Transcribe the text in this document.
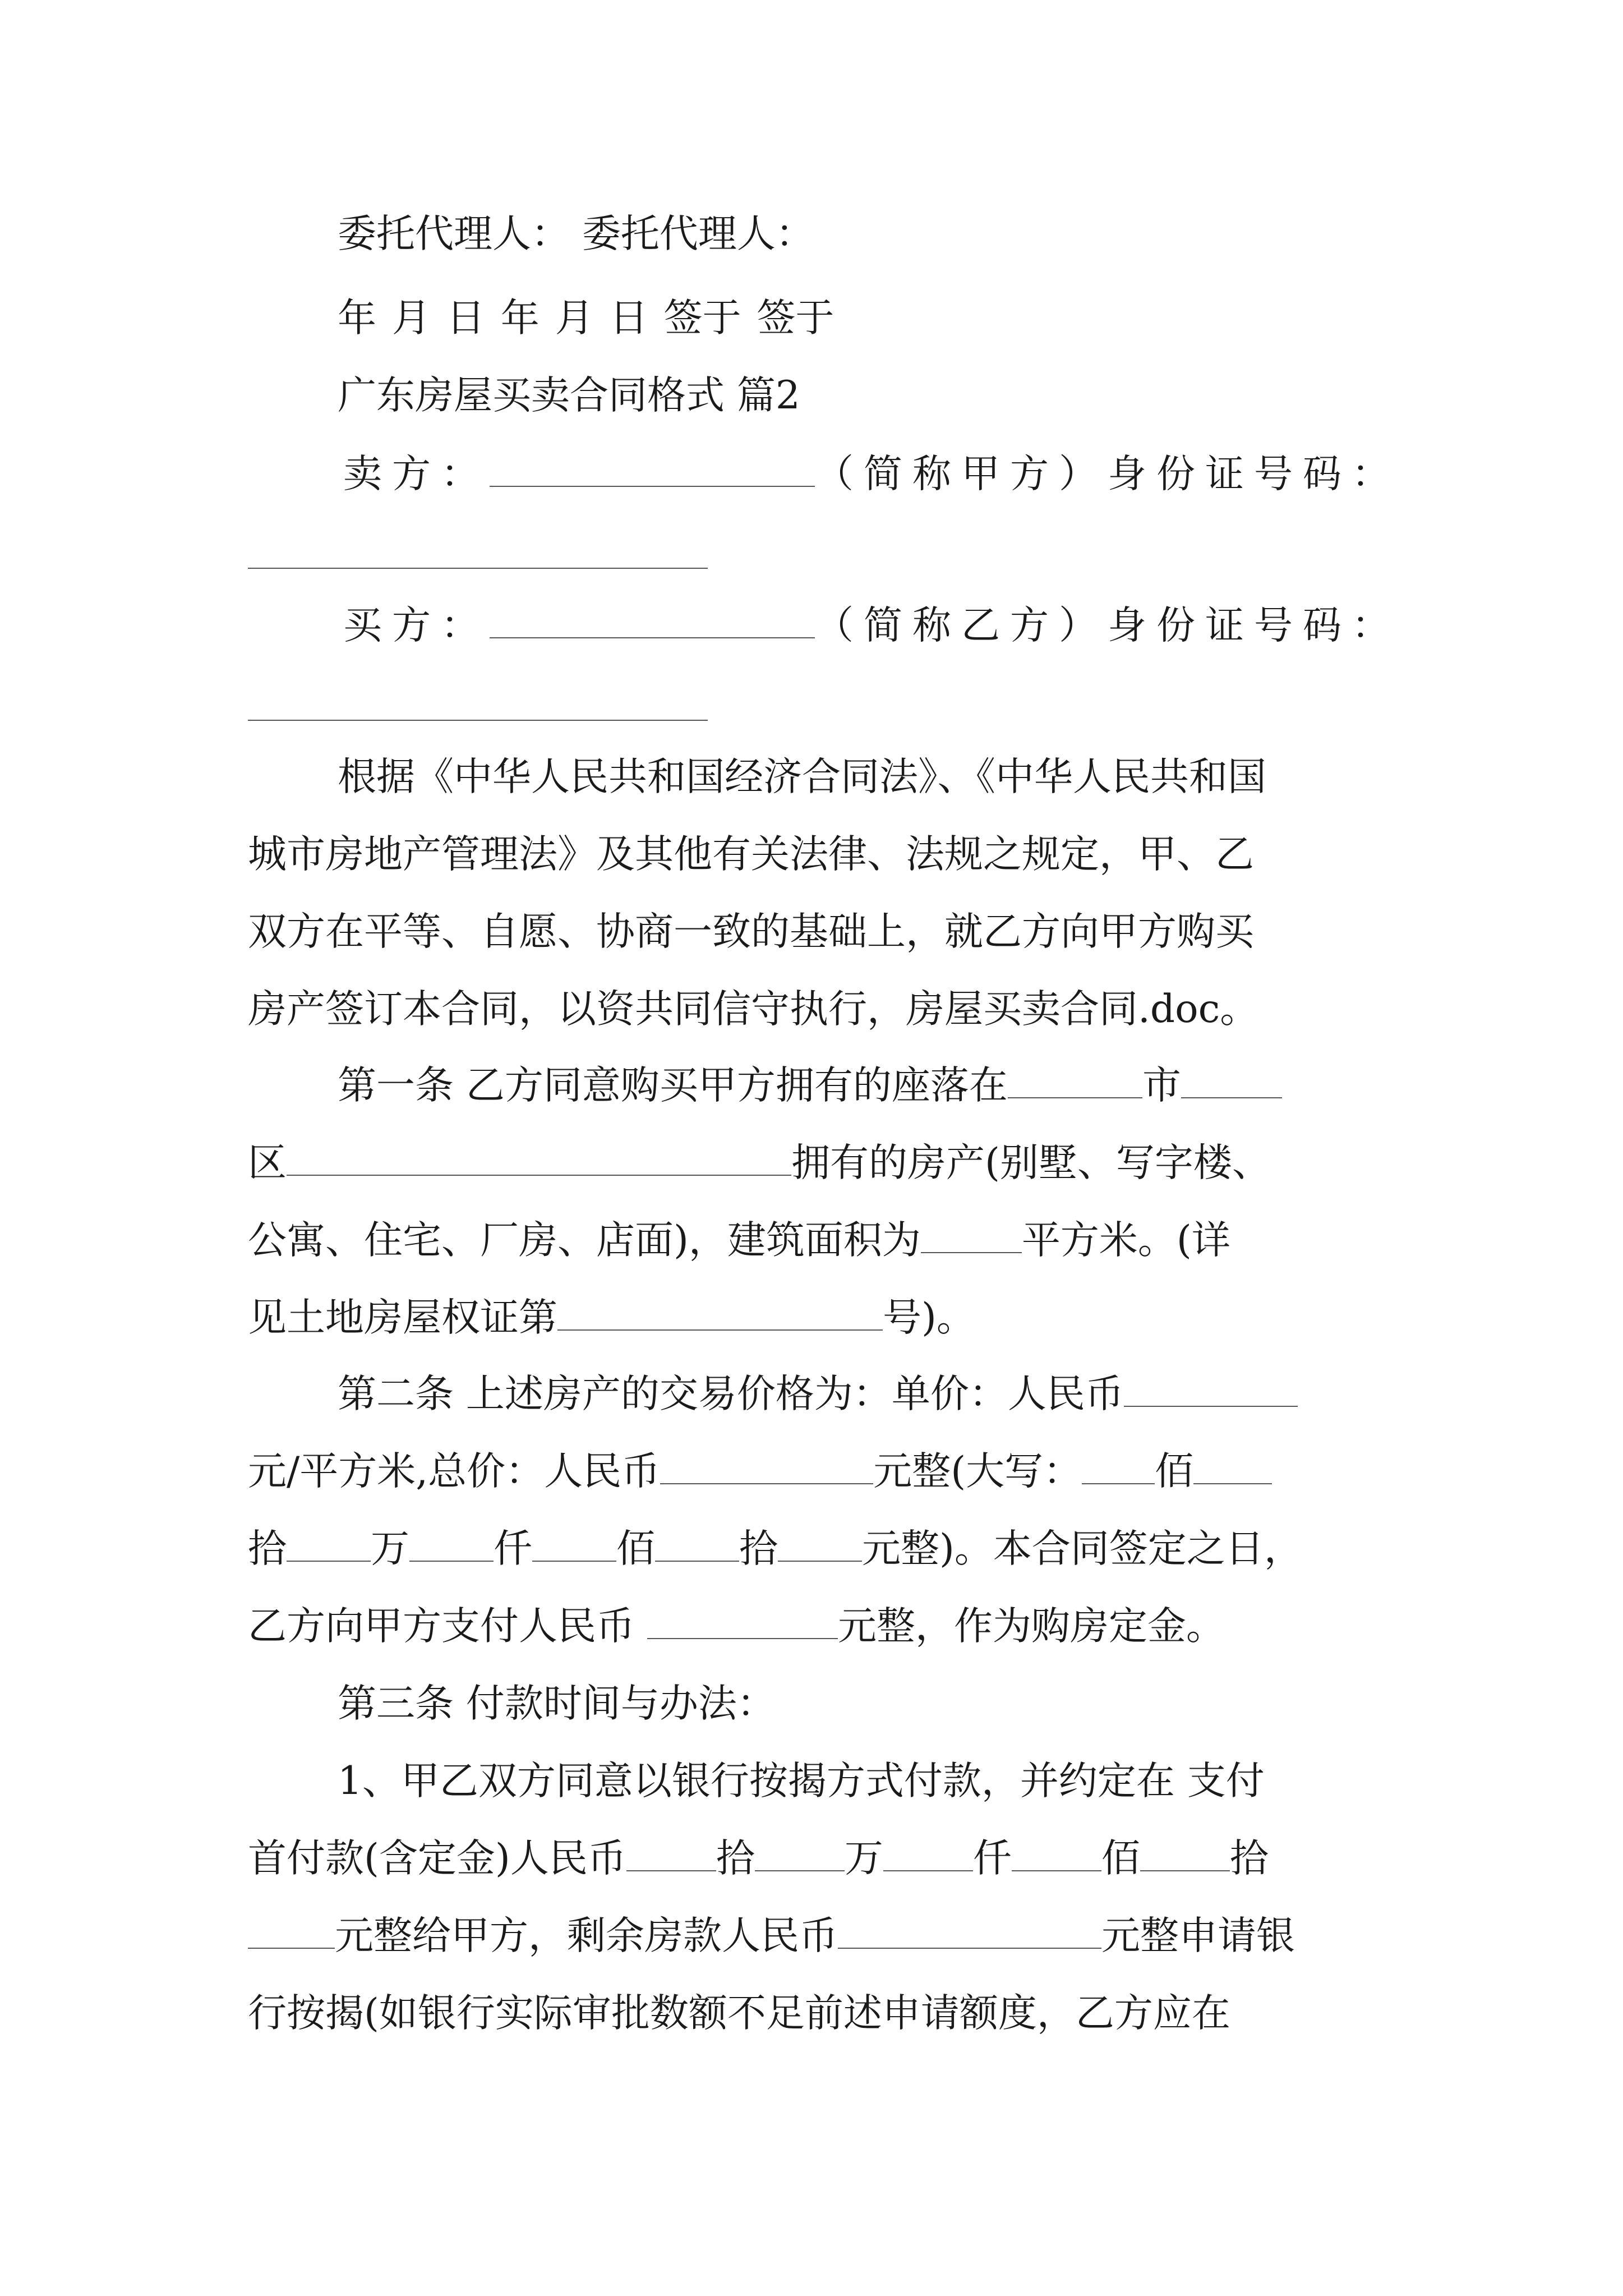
委托代理人： 委托代理人：
年 月 日 年 月 日 签于 签于
广东房屋买卖合同格式 篇2
卖方：	（简称甲方）身份证号码：
买方：	（简称乙方）身份证号码：
根据《中华人民共和国经济合同法》、《中华人民共和国
城市房地产管理法》及其他有关法律、法规之规定，甲、乙
双方在平等、自愿、协商一致的基础上，就乙方向甲方购买
房产签订本合同，以资共同信守执行，房屋买卖合同.doc。
第一条 乙方同意购买甲方拥有的座落在	市
区	拥有的房产(别墅、写字楼、
公寓、住宅、厂房、店面)，建筑面积为	平方米。(详
见土地房屋权证第	号)。
第二条 上述房产的交易价格为：单价：人民币
元/平方米,总价：人民币	元整(大写： 佰
拾 万 仟 佰 拾 元整)。本合同签定之日，
乙方向甲方支付人民币	元整，作为购房定金。
第三条 付款时间与办法：
1、甲乙双方同意以银行按揭方式付款，并约定在 支付
首付款(含定金)人民币 拾 万 仟 佰 拾
元整给甲方，剩余房款人民币	元整申请银
行按揭(如银行实际审批数额不足前述申请额度，乙方应在
